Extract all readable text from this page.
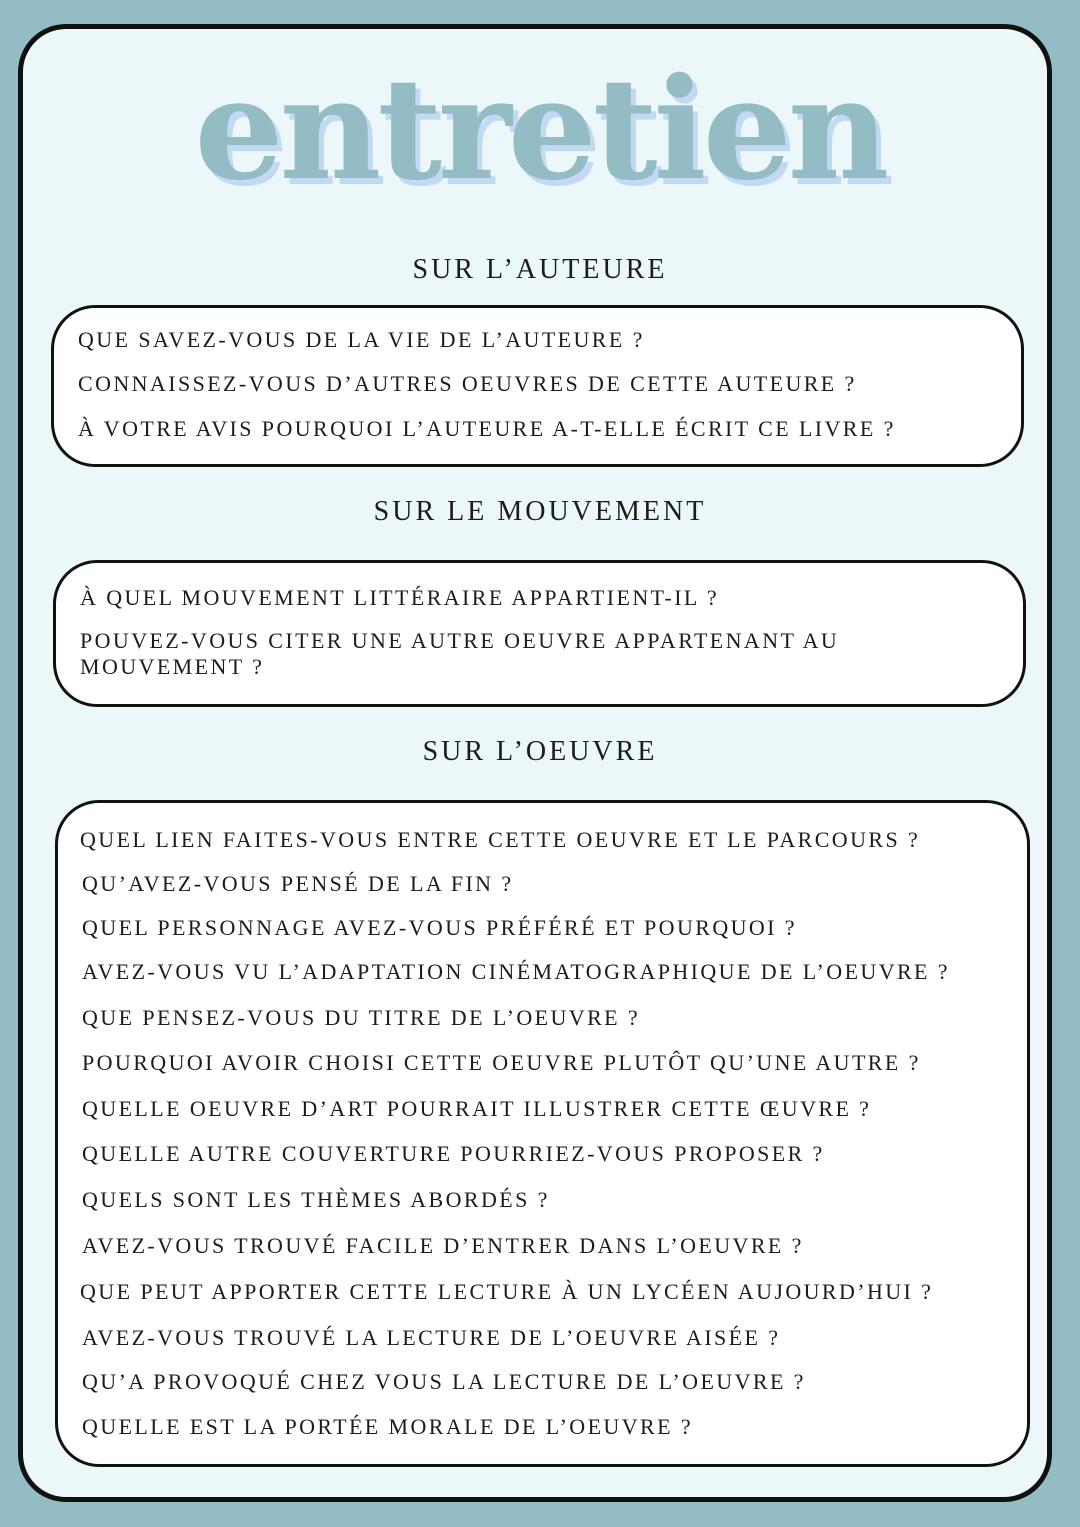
entretien
SUR L’AUTEURE
QUE SAVEZ-VOUS DE LA VIE DE L’AUTEURE ?
CONNAISSEZ-VOUS D’AUTRES OEUVRES DE CETTE AUTEURE ?
À VOTRE AVIS POURQUOI L’AUTEURE A-T-ELLE ÉCRIT CE LIVRE ?
SUR LE MOUVEMENT
À QUEL MOUVEMENT LITTÉRAIRE APPARTIENT-IL ?
POUVEZ-VOUS CITER UNE AUTRE OEUVRE APPARTENANT AU
MOUVEMENT ?
SUR L’OEUVRE
QUEL LIEN FAITES-VOUS ENTRE CETTE OEUVRE ET LE PARCOURS ?
QU’AVEZ-VOUS PENSÉ DE LA FIN ?
QUEL PERSONNAGE AVEZ-VOUS PRÉFÉRÉ ET POURQUOI ?
AVEZ-VOUS VU L’ADAPTATION CINÉMATOGRAPHIQUE DE L’OEUVRE ?
QUE PENSEZ-VOUS DU TITRE DE L’OEUVRE ?
POURQUOI AVOIR CHOISI CETTE OEUVRE PLUTÔT QU’UNE AUTRE ?
QUELLE OEUVRE D’ART POURRAIT ILLUSTRER CETTE ŒUVRE ?
QUELLE AUTRE COUVERTURE POURRIEZ-VOUS PROPOSER ?
QUELS SONT LES THÈMES ABORDÉS ?
AVEZ-VOUS TROUVÉ FACILE D’ENTRER DANS L’OEUVRE ?
QUE PEUT APPORTER CETTE LECTURE À UN LYCÉEN AUJOURD’HUI ?
AVEZ-VOUS TROUVÉ LA LECTURE DE L’OEUVRE AISÉE ?
QU’A PROVOQUÉ CHEZ VOUS LA LECTURE DE L’OEUVRE ?
QUELLE EST LA PORTÉE MORALE DE L’OEUVRE ?
